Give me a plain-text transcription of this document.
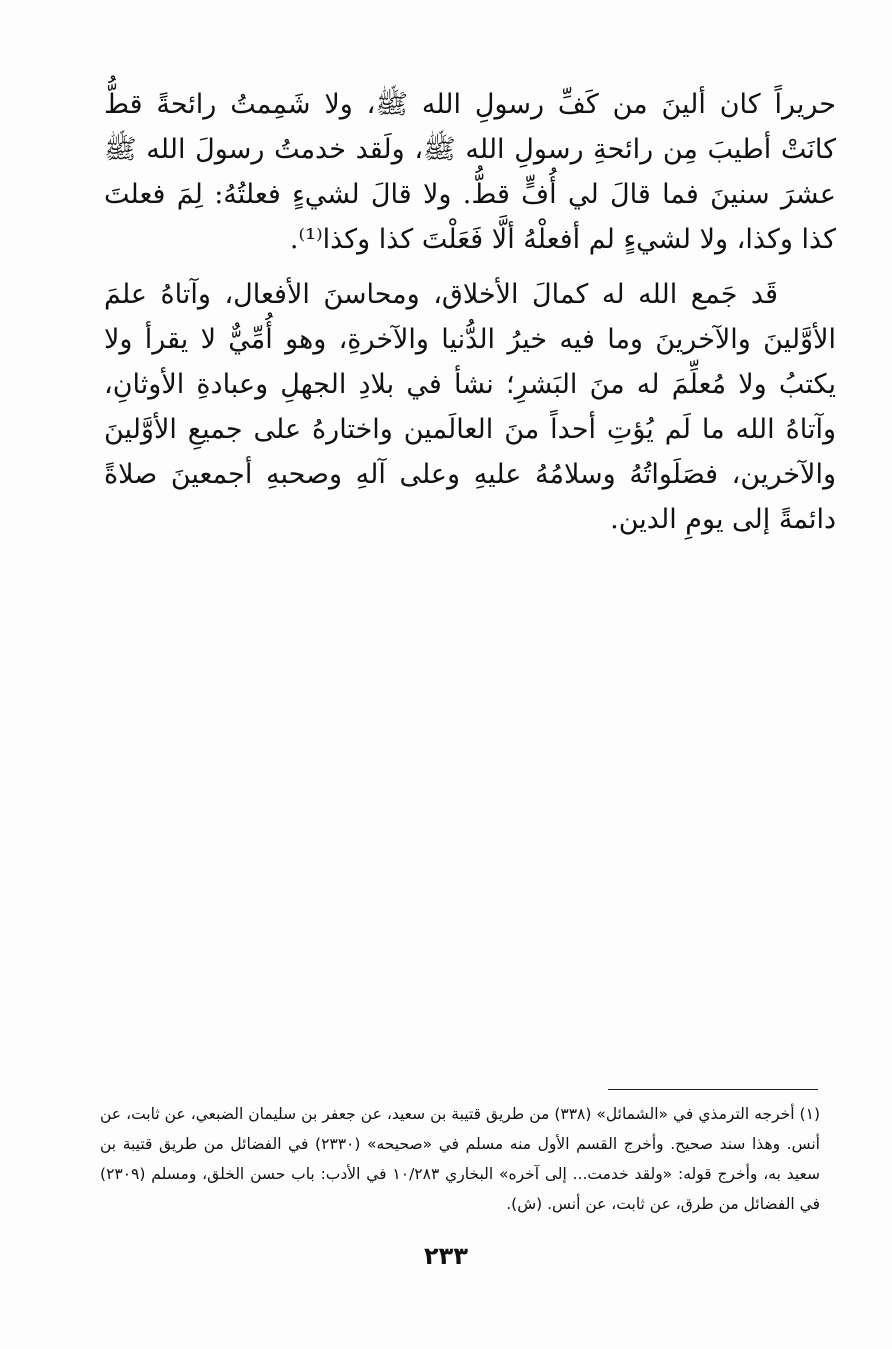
حريراً كان ألينَ من كَفِّ رسولِ الله ﷺ، ولا شَمِمتُ رائحةً قطُّ كانَتْ أطيبَ مِن رائحةِ رسولِ الله ﷺ، ولَقد خدمتُ رسولَ الله ﷺ عشرَ سنينَ فما قالَ لي أُفٍّ قطُّ. ولا قالَ لشيءٍ فعلتُهُ: لِمَ فعلتَ كذا وكذا، ولا لشيءٍ لم أفعلْهُ ألَّا فَعَلْتَ كذا وكذا⁽¹⁾.

قَد جَمع الله له كمالَ الأخلاق، ومحاسنَ الأفعال، وآتاهُ علمَ الأوَّلينَ والآخرينَ وما فيه خيرُ الدُّنيا والآخرةِ، وهو أُمِّيٌّ لا يقرأ ولا يكتبُ ولا مُعلِّمَ له منَ البَشرِ؛ نشأ في بلادِ الجهلِ وعبادةِ الأوثانِ، وآتاهُ الله ما لَم يُؤتِ أحداً منَ العالَمين واختارهُ على جميعِ الأوَّلينَ والآخرين، فصَلَواتُهُ وسلامُهُ عليهِ وعلى آلهِ وصحبهِ أجمعينَ صلاةً دائمةً إلى يومِ الدين.

(١) أخرجه الترمذي في «الشمائل» (٣٣٨) من طريق قتيبة بن سعيد، عن جعفر بن سليمان الضبعي، عن ثابت، عن أنس. وهذا سند صحيح. وأخرج القسم الأول منه مسلم في «صحيحه» (٢٣٣٠) في الفضائل من طريق قتيبة بن سعيد به، وأخرج قوله: «ولقد خدمت... إلى آخره» البخاري ١٠/٢٨٣ في الأدب: باب حسن الخلق، ومسلم (٢٣٠٩) في الفضائل من طرق، عن ثابت، عن أنس. (ش).

٢٣٣
